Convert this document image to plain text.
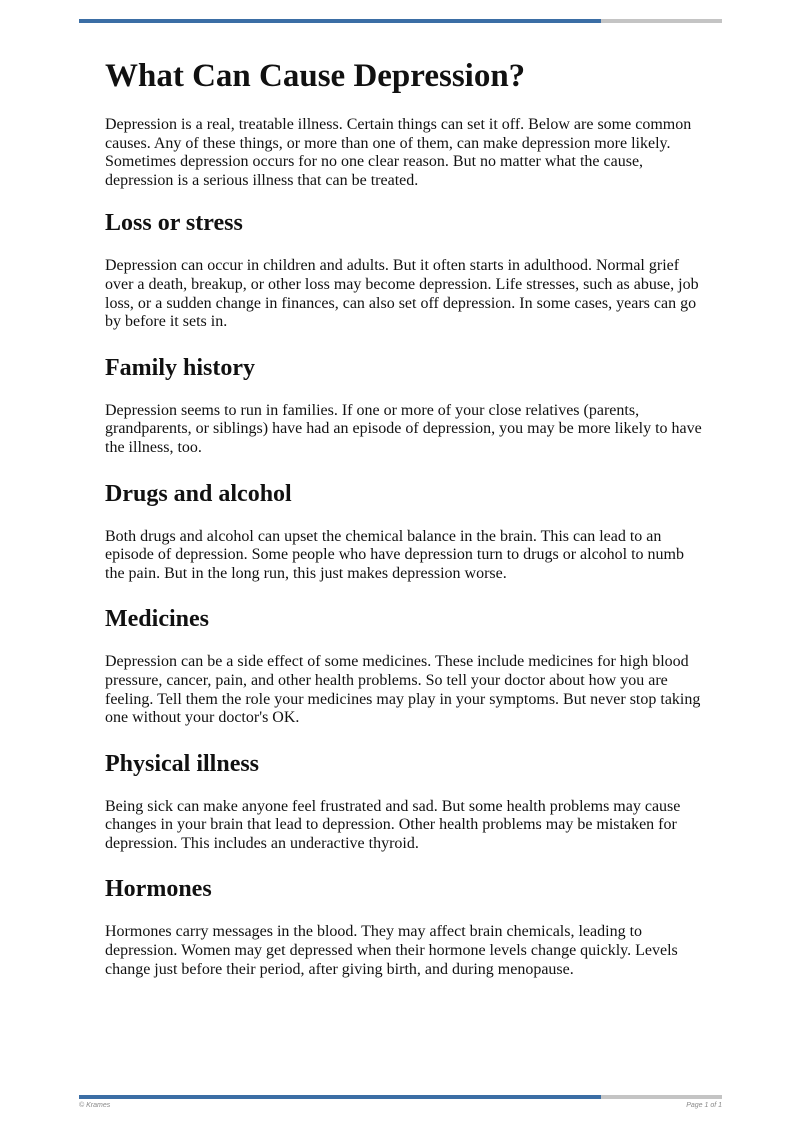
What Can Cause Depression?

Depression is a real, treatable illness. Certain things can set it off. Below are some common causes. Any of these things, or more than one of them, can make depression more likely. Sometimes depression occurs for no one clear reason. But no matter what the cause, depression is a serious illness that can be treated.

Loss or stress

Depression can occur in children and adults. But it often starts in adulthood. Normal grief over a death, breakup, or other loss may become depression. Life stresses, such as abuse, job loss, or a sudden change in finances, can also set off depression. In some cases, years can go by before it sets in.

Family history

Depression seems to run in families. If one or more of your close relatives (parents, grandparents, or siblings) have had an episode of depression, you may be more likely to have the illness, too.

Drugs and alcohol

Both drugs and alcohol can upset the chemical balance in the brain. This can lead to an episode of depression. Some people who have depression turn to drugs or alcohol to numb the pain. But in the long run, this just makes depression worse.

Medicines

Depression can be a side effect of some medicines. These include medicines for high blood pressure, cancer, pain, and other health problems. So tell your doctor about how you are feeling. Tell them the role your medicines may play in your symptoms. But never stop taking one without your doctor's OK.

Physical illness

Being sick can make anyone feel frustrated and sad. But some health problems may cause changes in your brain that lead to depression. Other health problems may be mistaken for depression. This includes an underactive thyroid.

Hormones

Hormones carry messages in the blood. They may affect brain chemicals, leading to depression. Women may get depressed when their hormone levels change quickly. Levels change just before their period, after giving birth, and during menopause.

© Krames	Page 1 of 1
